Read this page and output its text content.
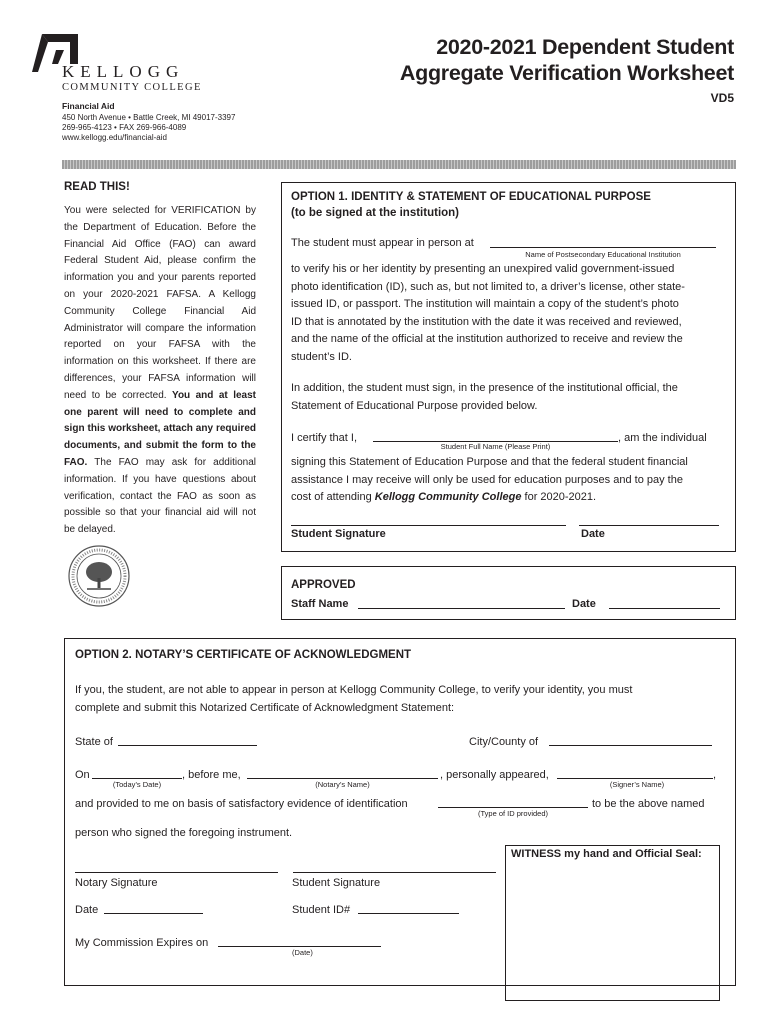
KELLOGG
COMMUNITY COLLEGE
Financial Aid
450 North Avenue • Battle Creek, MI 49017-3397
269-965-4123 • FAX 269-966-4089
www.kellogg.edu/financial-aid
2020-2021 Dependent Student
Aggregate Verification Worksheet
VD5
READ THIS!
You were selected for VERIFICATION by the Department of Education. Before the Financial Aid Office (FAO) can award Federal Student Aid, please confirm the information you and your parents reported on your 2020-2021 FAFSA. A Kellogg Community College Financial Aid Administrator will compare the information reported on your FAFSA with the information on this worksheet. If there are differences, your FAFSA information will need to be corrected. You and at least one parent will need to complete and sign this worksheet, attach any required documents, and submit the form to the FAO. The FAO may ask for additional information. If you have questions about verification, contact the FAO as soon as possible so that your financial aid will not be delayed.
OPTION 1. IDENTITY & STATEMENT OF EDUCATIONAL PURPOSE
(to be signed at the institution)
The student must appear in person at
Name of Postsecondary Educational Institution
to verify his or her identity by presenting an unexpired valid government-issued
photo identification (ID), such as, but not limited to, a driver’s license, other state-
issued ID, or passport. The institution will maintain a copy of the student’s photo
ID that is annotated by the institution with the date it was received and reviewed,
and the name of the official at the institution authorized to receive and review the
student’s ID.
In addition, the student must sign, in the presence of the institutional official, the
Statement of Educational Purpose provided below.
I certify that I,	, am the individual
Student Full Name (Please Print)
signing this Statement of Education Purpose and that the federal student financial
assistance I may receive will only be used for education purposes and to pay the
cost of attending Kellogg Community College for 2020-2021.
Student Signature	Date
APPROVED
Staff Name	Date
OPTION 2. NOTARY’S CERTIFICATE OF ACKNOWLEDGMENT
If you, the student, are not able to appear in person at Kellogg Community College, to verify your identity, you must
complete and submit this Notarized Certificate of Acknowledgment Statement:
State of	City/County of
On	, before me,	, personally appeared,	,
(Today’s Date)	(Notary’s Name)	(Signer’s Name)
and provided to me on basis of satisfactory evidence of identification	to be the above named
(Type of ID provided)
person who signed the foregoing instrument.
WITNESS my hand and Official Seal:
Notary Signature	Student Signature
Date	Student ID#
My Commission Expires on
(Date)
